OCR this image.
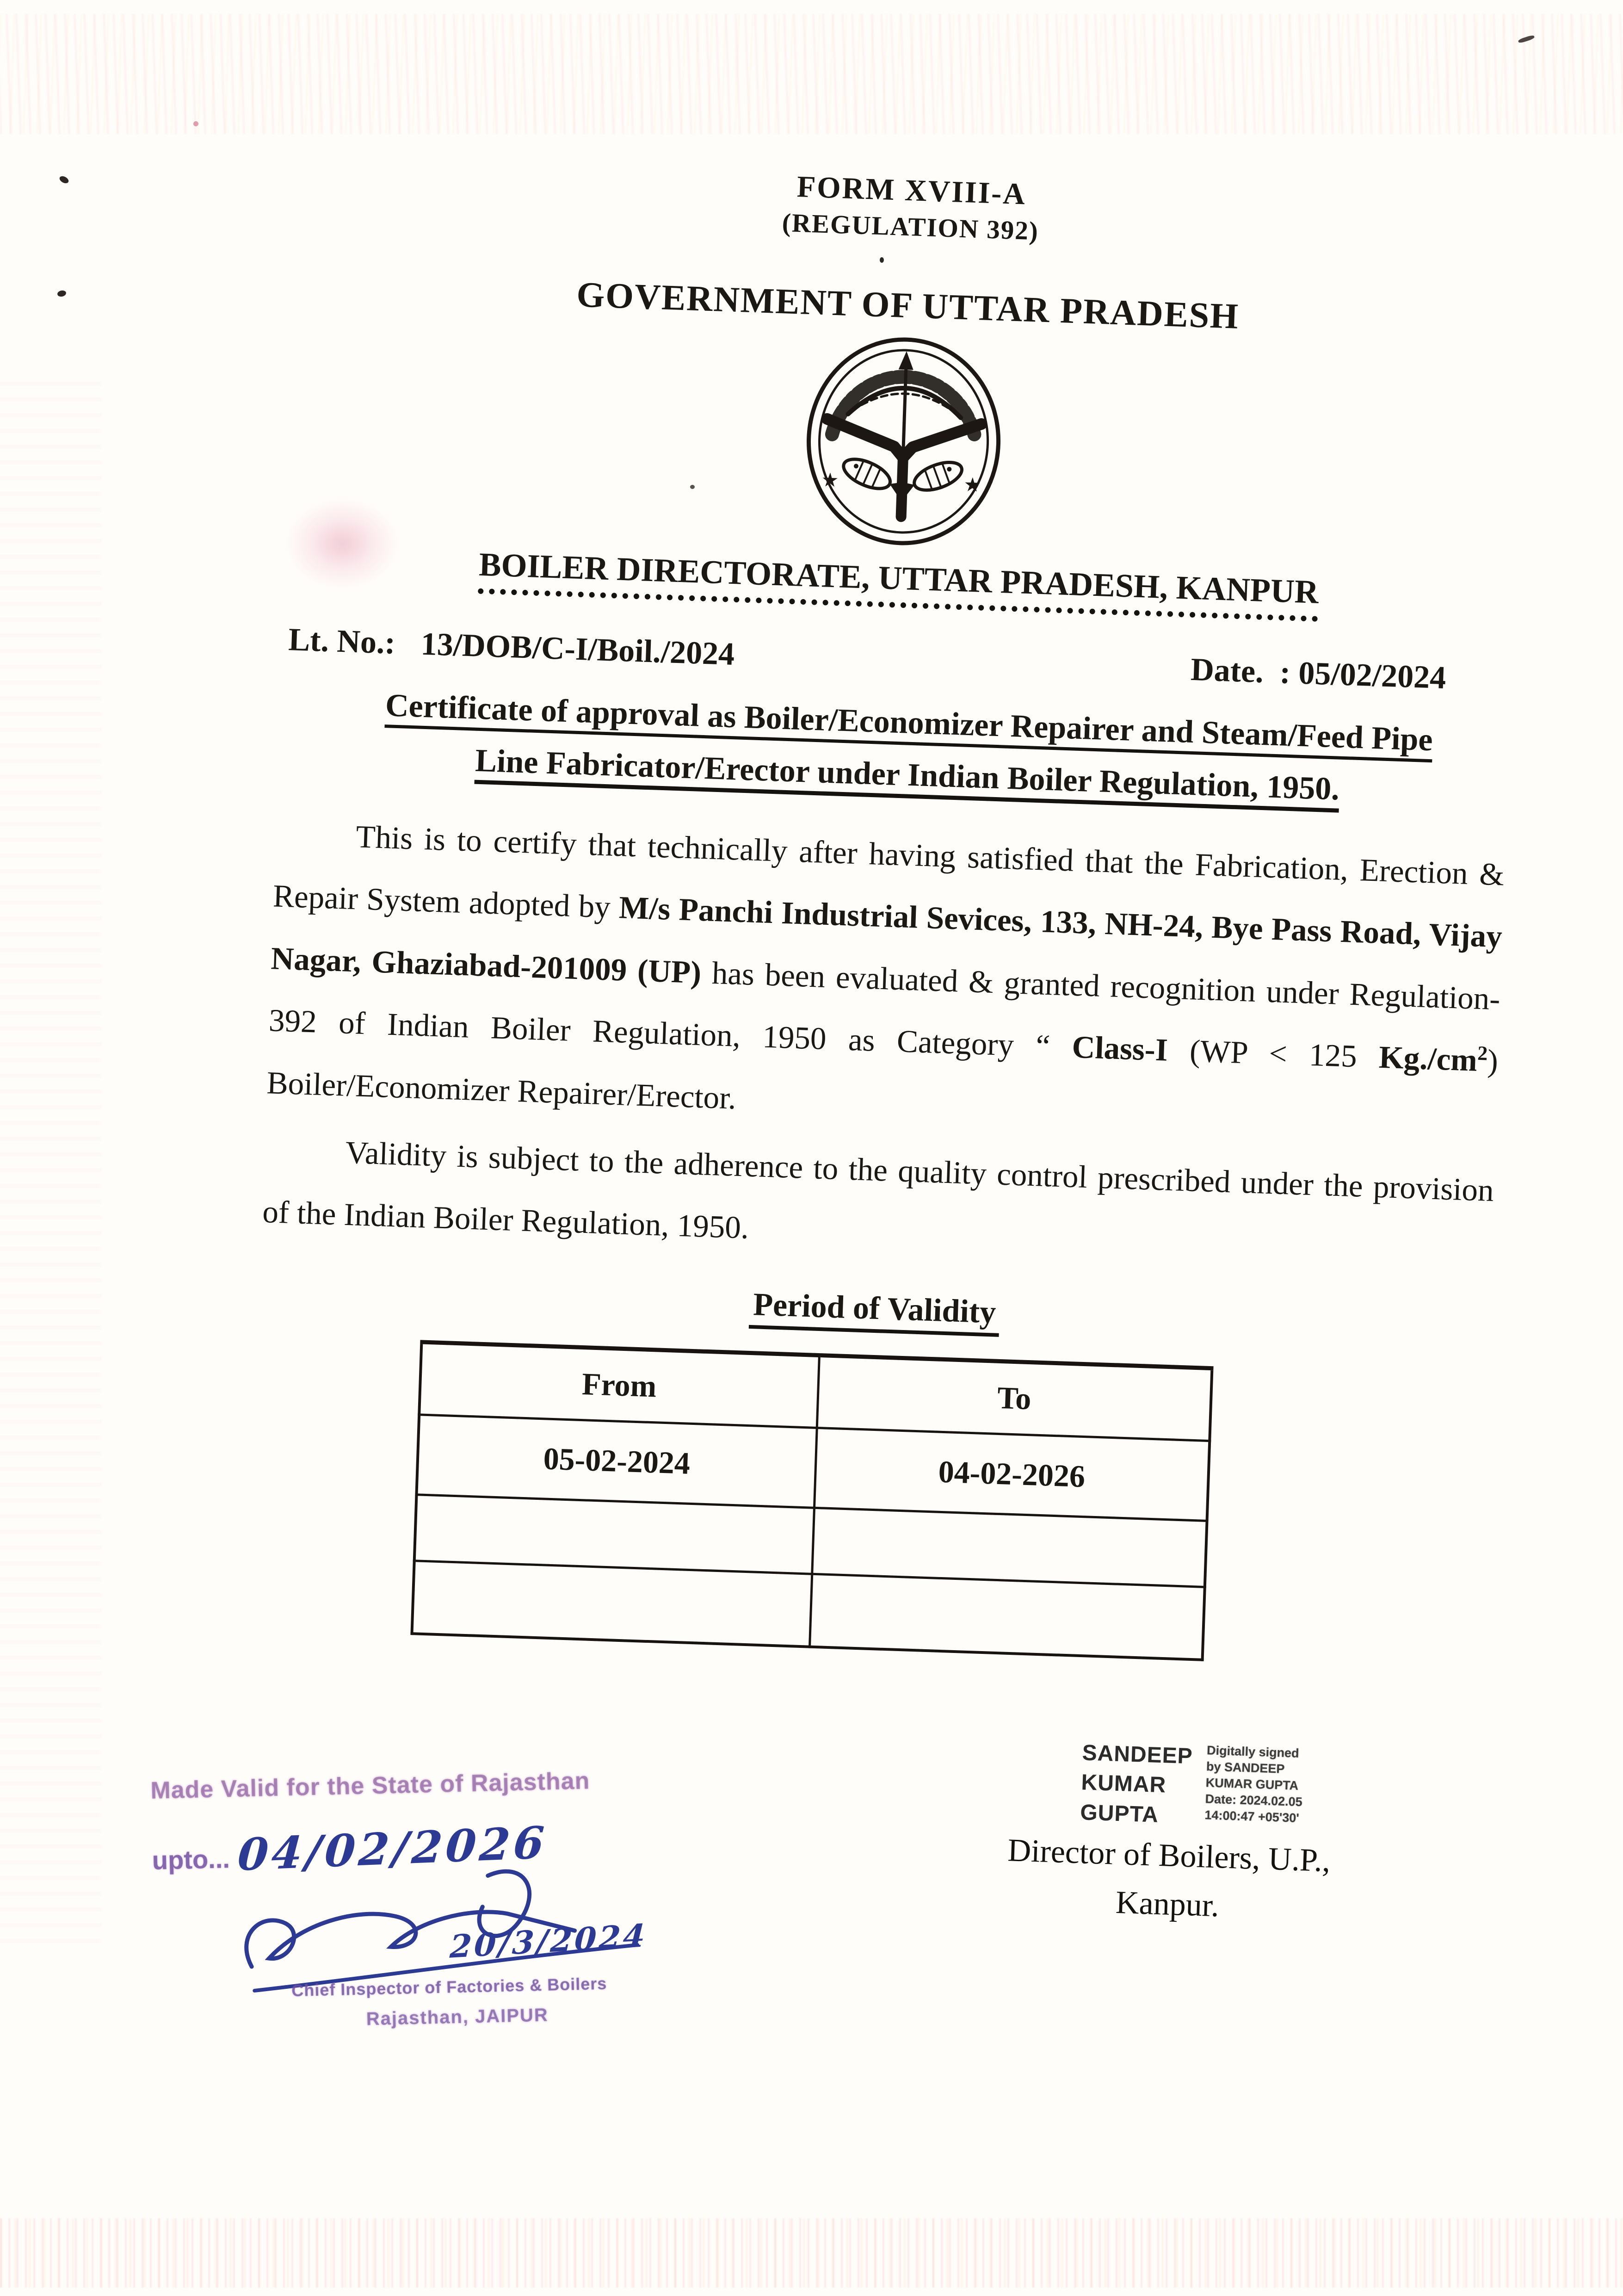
FORM XVIII-A
(REGULATION 392)
GOVERNMENT OF UTTAR PRADESH
★	★
BOILER DIRECTORATE, UTTAR PRADESH, KANPUR
Lt. No.: 13/DOB/C-I/Boil./2024	Date. : 05/02/2024
Certificate of approval as Boiler/Economizer Repairer and Steam/Feed Pipe
Line Fabricator/Erector under Indian Boiler Regulation, 1950.

This is to certify that technically after having satisfied that the Fabrication, Erection & Repair System adopted by M/s Panchi Industrial Sevices, 133, NH-24, Bye Pass Road, Vijay Nagar, Ghaziabad-201009 (UP) has been evaluated & granted recognition under Regulation-392 of Indian Boiler Regulation, 1950 as Category “ Class-I (WP < 125 $Kg./cm^2$) Boiler/Economizer Repairer/Erector.

Validity is subject to the adherence to the quality control prescribed under the provision of the Indian Boiler Regulation, 1950.

Period of Validity
From	To
05-02-2024	04-02-2026

Made Valid for the State of Rajasthan
upto... 04/02/2026
20/3/2024
Chief Inspector of Factories & Boilers
Rajasthan, JAIPUR
SANDEEP
KUMAR
GUPTA
Digitally signed
by SANDEEP
KUMAR GUPTA
Date: 2024.02.05
14:00:47 +05'30'
Director of Boilers, U.P.,
Kanpur.
